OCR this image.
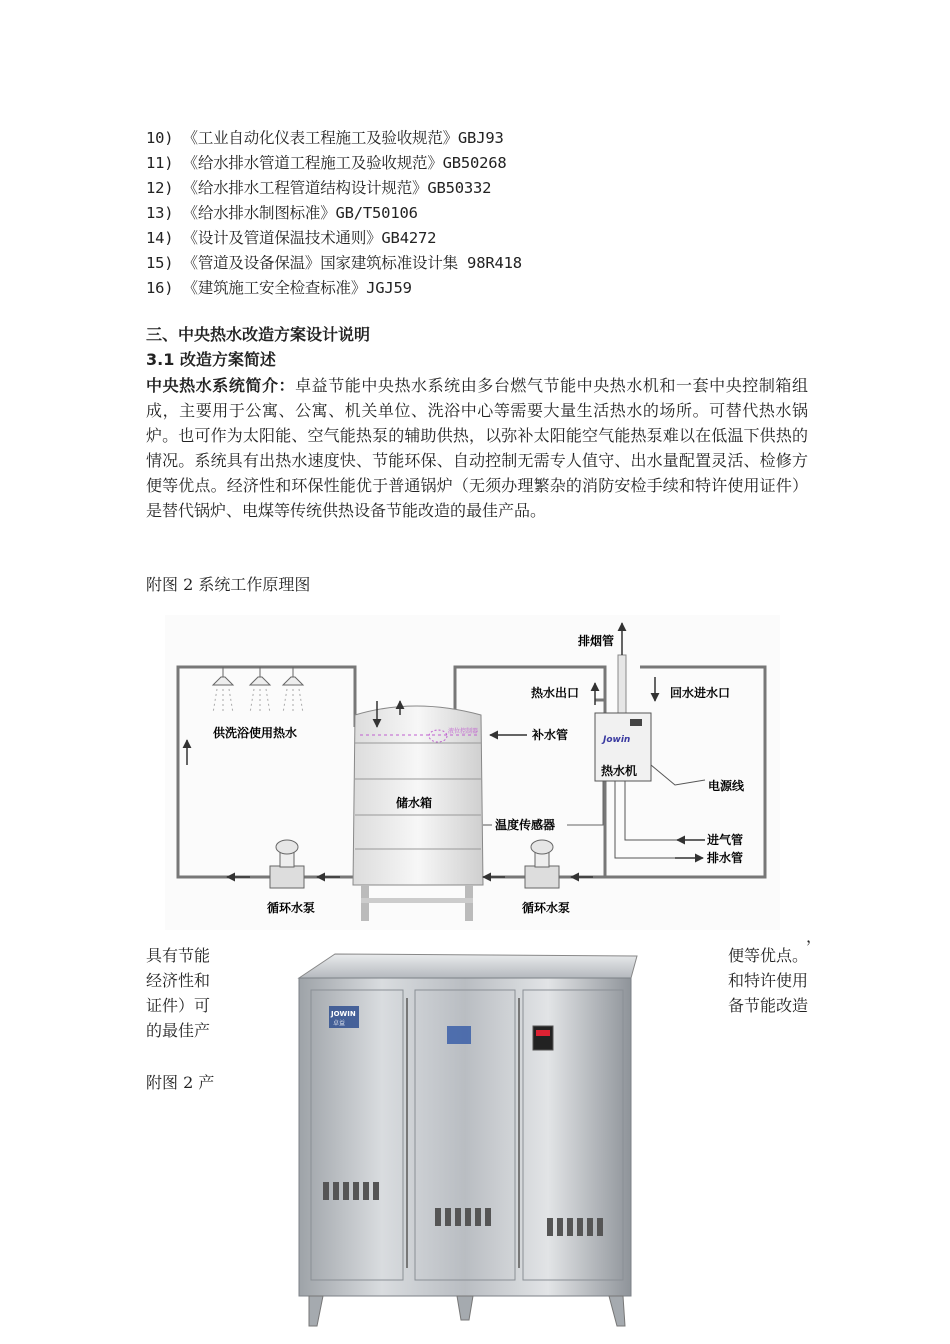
10) 《工业自动化仪表工程施工及验收规范》GBJ93
11) 《给水排水管道工程施工及验收规范》GB50268
12) 《给水排水工程管道结构设计规范》GB50332
13) 《给水排水制图标准》GB/T50106
14) 《设计及管道保温技术通则》GB4272
15) 《管道及设备保温》国家建筑标准设计集 98R418
16) 《建筑施工安全检查标准》JGJ59
三、中央热水改造方案设计说明
3.1 改造方案简述
中央热水系统简介：卓益节能中央热水系统由多台燃气节能中央热水机和一套中央控制箱组成，主要用于公寓、公寓、机关单位、洗浴中心等需要大量生活热水的场所。可替代热水锅炉。也可作为太阳能、空气能热泵的辅助供热，以弥补太阳能空气能热泵难以在低温下供热的情况。系统具有出热水速度快、节能环保、自动控制无需专人值守、出水量配置灵活、检修方便等优点。经济性和环保性能优于普通锅炉（无须办理繁杂的消防安检手续和特许使用证件）是替代锅炉、电煤等传统供热设备节能改造的最佳产品。
附图 2 系统工作原理图
排烟管
供洗浴使用热水	液位控制器
储水箱
补水管
温度传感器
热水出口	回水进水口
Jowin
热水机
电源线
进气管
排水管
循环水泵	循环水泵
，
具有节能	便等优点。
经济性和	和特许使用
证件）可	备节能改造
的最佳产
附图 2 产
JOWIN
卓益
